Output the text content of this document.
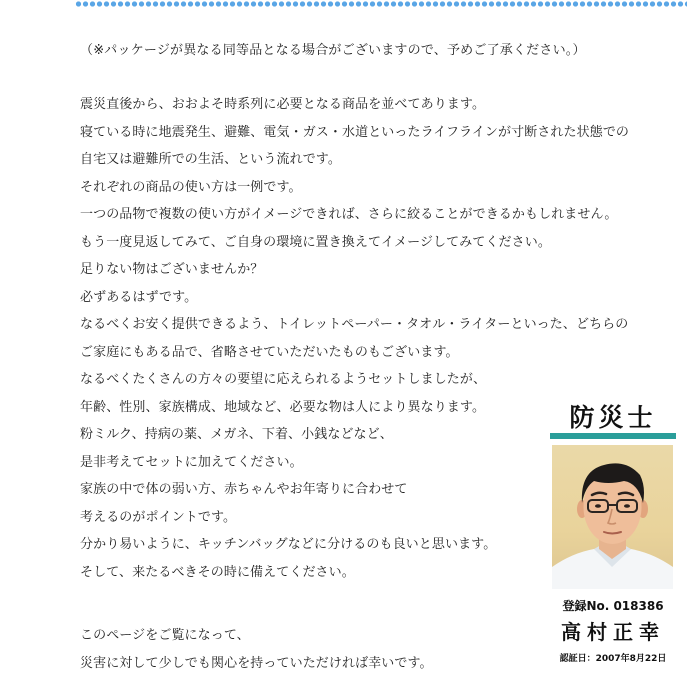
（※パッケージが異なる同等品となる場合がございますので、予めご了承ください。）
震災直後から、おおよそ時系列に必要となる商品を並べてあります。
寝ている時に地震発生、避難、電気・ガス・水道といったライフラインが寸断された状態での
自宅又は避難所での生活、という流れです。
それぞれの商品の使い方は一例です。
一つの品物で複数の使い方がイメージできれば、さらに絞ることができるかもしれません。
もう一度見返してみて、ご自身の環境に置き換えてイメージしてみてください。
足りない物はございませんか？
必ずあるはずです。
なるべくお安く提供できるよう、トイレットペーパー・タオル・ライターといった、どちらの
ご家庭にもある品で、省略させていただいたものもございます。
なるべくたくさんの方々の要望に応えられるようセットしましたが、
年齢、性別、家族構成、地域など、必要な物は人により異なります。
粉ミルク、持病の薬、メガネ、下着、小銭などなど、
是非考えてセットに加えてください。
家族の中で体の弱い方、赤ちゃんやお年寄りに合わせて
考えるのがポイントです。
分かり易いように、キッチンバッグなどに分けるのも良いと思います。
そして、来たるべきその時に備えてください。
このページをご覧になって、
災害に対して少しでも関心を持っていただければ幸いです。
防災士
登録No. 018386
高村正幸
認証日：2007年8月22日
